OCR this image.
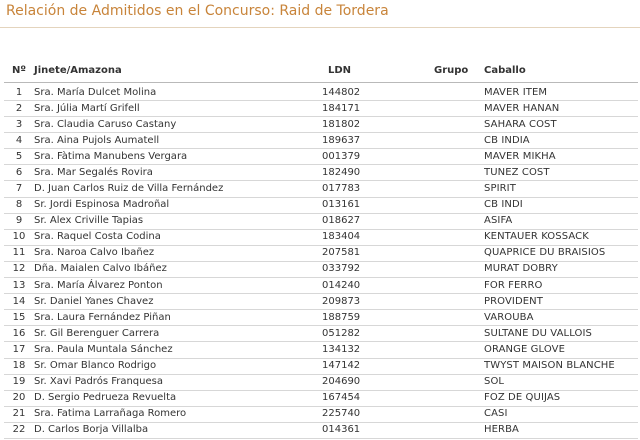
Relación de Admitidos en el Concurso: Raid de Tordera
Nº	Jinete/Amazona	LDN	Grupo	Caballo
1	Sra. María Dulcet Molina	144802		MAVER ITEM
2	Sra. Júlia Martí Grifell	184171		MAVER HANAN
3	Sra. Claudia Caruso Castany	181802		SAHARA COST
4	Sra. Aina Pujols Aumatell	189637		CB INDIA
5	Sra. Fàtima Manubens Vergara	001379		MAVER MIKHA
6	Sra. Mar Segalés Rovira	182490		TUNEZ COST
7	D. Juan Carlos Ruiz de Villa Fernández	017783		SPIRIT
8	Sr. Jordi Espinosa Madroñal	013161		CB INDI
9	Sr. Alex Criville Tapias	018627		ASIFA
10	Sra. Raquel Costa Codina	183404		KENTAUER KOSSACK
11	Sra. Naroa Calvo Ibañez	207581		QUAPRICE DU BRAISIOS
12	Dña. Maialen Calvo Ibáñez	033792		MURAT DOBRY
13	Sra. María Álvarez Ponton	014240		FOR FERRO
14	Sr. Daniel Yanes Chavez	209873		PROVIDENT
15	Sra. Laura Fernández Piñan	188759		VAROUBA
16	Sr. Gil Berenguer Carrera	051282		SULTANE DU VALLOIS
17	Sra. Paula Muntala Sánchez	134132		ORANGE GLOVE
18	Sr. Omar Blanco Rodrigo	147142		TWYST MAISON BLANCHE
19	Sr. Xavi Padrós Franquesa	204690		SOL
20	D. Sergio Pedrueza Revuelta	167454		FOZ DE QUIJAS
21	Sra. Fatima Larrañaga Romero	225740		CASI
22	D. Carlos Borja Villalba	014361		HERBA
